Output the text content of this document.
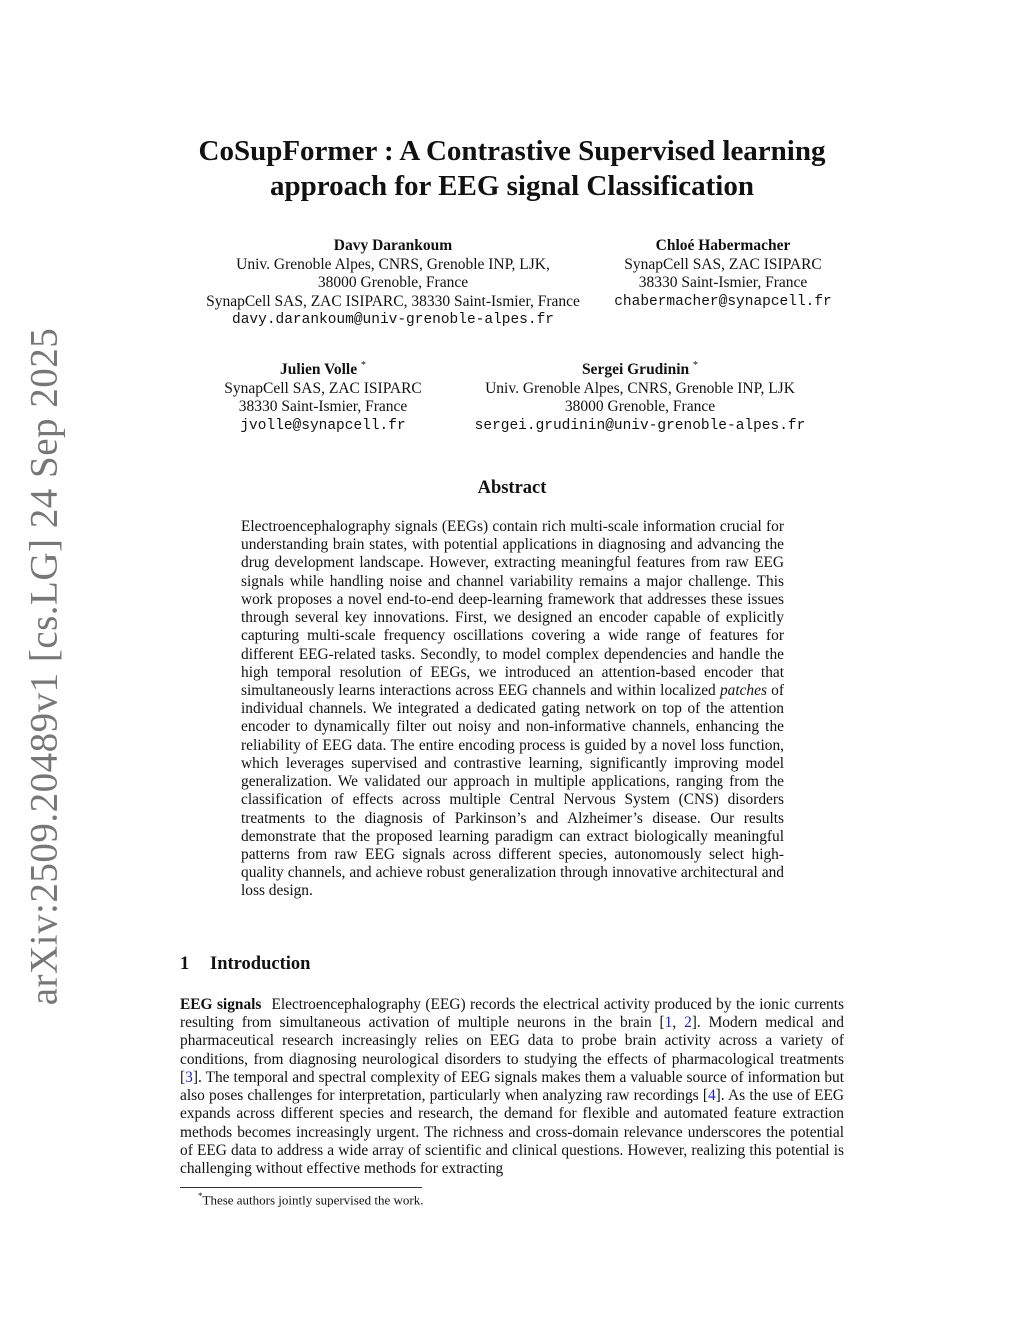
arXiv:2509.20489v1 [cs.LG] 24 Sep 2025
CoSupFormer : A Contrastive Supervised learning
approach for EEG signal Classification
Davy Darankoum
Univ. Grenoble Alpes, CNRS, Grenoble INP, LJK,
38000 Grenoble, France
SynapCell SAS, ZAC ISIPARC, 38330 Saint-Ismier, France
davy.darankoum@univ-grenoble-alpes.fr
Chloé Habermacher
SynapCell SAS, ZAC ISIPARC
38330 Saint-Ismier, France
chabermacher@synapcell.fr
Julien Volle *
SynapCell SAS, ZAC ISIPARC
38330 Saint-Ismier, France
jvolle@synapcell.fr
Sergei Grudinin *
Univ. Grenoble Alpes, CNRS, Grenoble INP, LJK
38000 Grenoble, France
sergei.grudinin@univ-grenoble-alpes.fr
Abstract
Electroencephalography signals (EEGs) contain rich multi-scale information crucial for understanding brain states, with potential applications in diagnosing and advancing the drug development landscape. However, extracting meaningful features from raw EEG signals while handling noise and channel variability remains a major challenge. This work proposes a novel end-to-end deep-learning framework that addresses these issues through several key innovations. First, we designed an encoder capable of explicitly capturing multi-scale frequency oscillations covering a wide range of features for different EEG-related tasks. Secondly, to model complex dependencies and handle the high temporal resolution of EEGs, we introduced an attention-based encoder that simultaneously learns interactions across EEG channels and within localized patches of individual channels. We integrated a dedicated gating network on top of the attention encoder to dynamically filter out noisy and non-informative channels, enhancing the reliability of EEG data. The entire encoding process is guided by a novel loss function, which leverages supervised and contrastive learning, significantly improving model generalization. We validated our approach in multiple applications, ranging from the classification of effects across multiple Central Nervous System (CNS) disorders treatments to the diagnosis of Parkinson’s and Alzheimer’s disease. Our results demonstrate that the proposed learning paradigm can extract biologically meaningful patterns from raw EEG signals across different species, autonomously select high-quality channels, and achieve robust generalization through innovative architectural and loss design.
1 Introduction
EEG signals Electroencephalography (EEG) records the electrical activity produced by the ionic currents resulting from simultaneous activation of multiple neurons in the brain [1, 2]. Modern medical and pharmaceutical research increasingly relies on EEG data to probe brain activity across a variety of conditions, from diagnosing neurological disorders to studying the effects of pharmacological treatments [3]. The temporal and spectral complexity of EEG signals makes them a valuable source of information but also poses challenges for interpretation, particularly when analyzing raw recordings [4]. As the use of EEG expands across different species and research, the demand for flexible and automated feature extraction methods becomes increasingly urgent. The richness and cross-domain relevance underscores the potential of EEG data to address a wide array of scientific and clinical questions. However, realizing this potential is challenging without effective methods for extracting
*These authors jointly supervised the work.
